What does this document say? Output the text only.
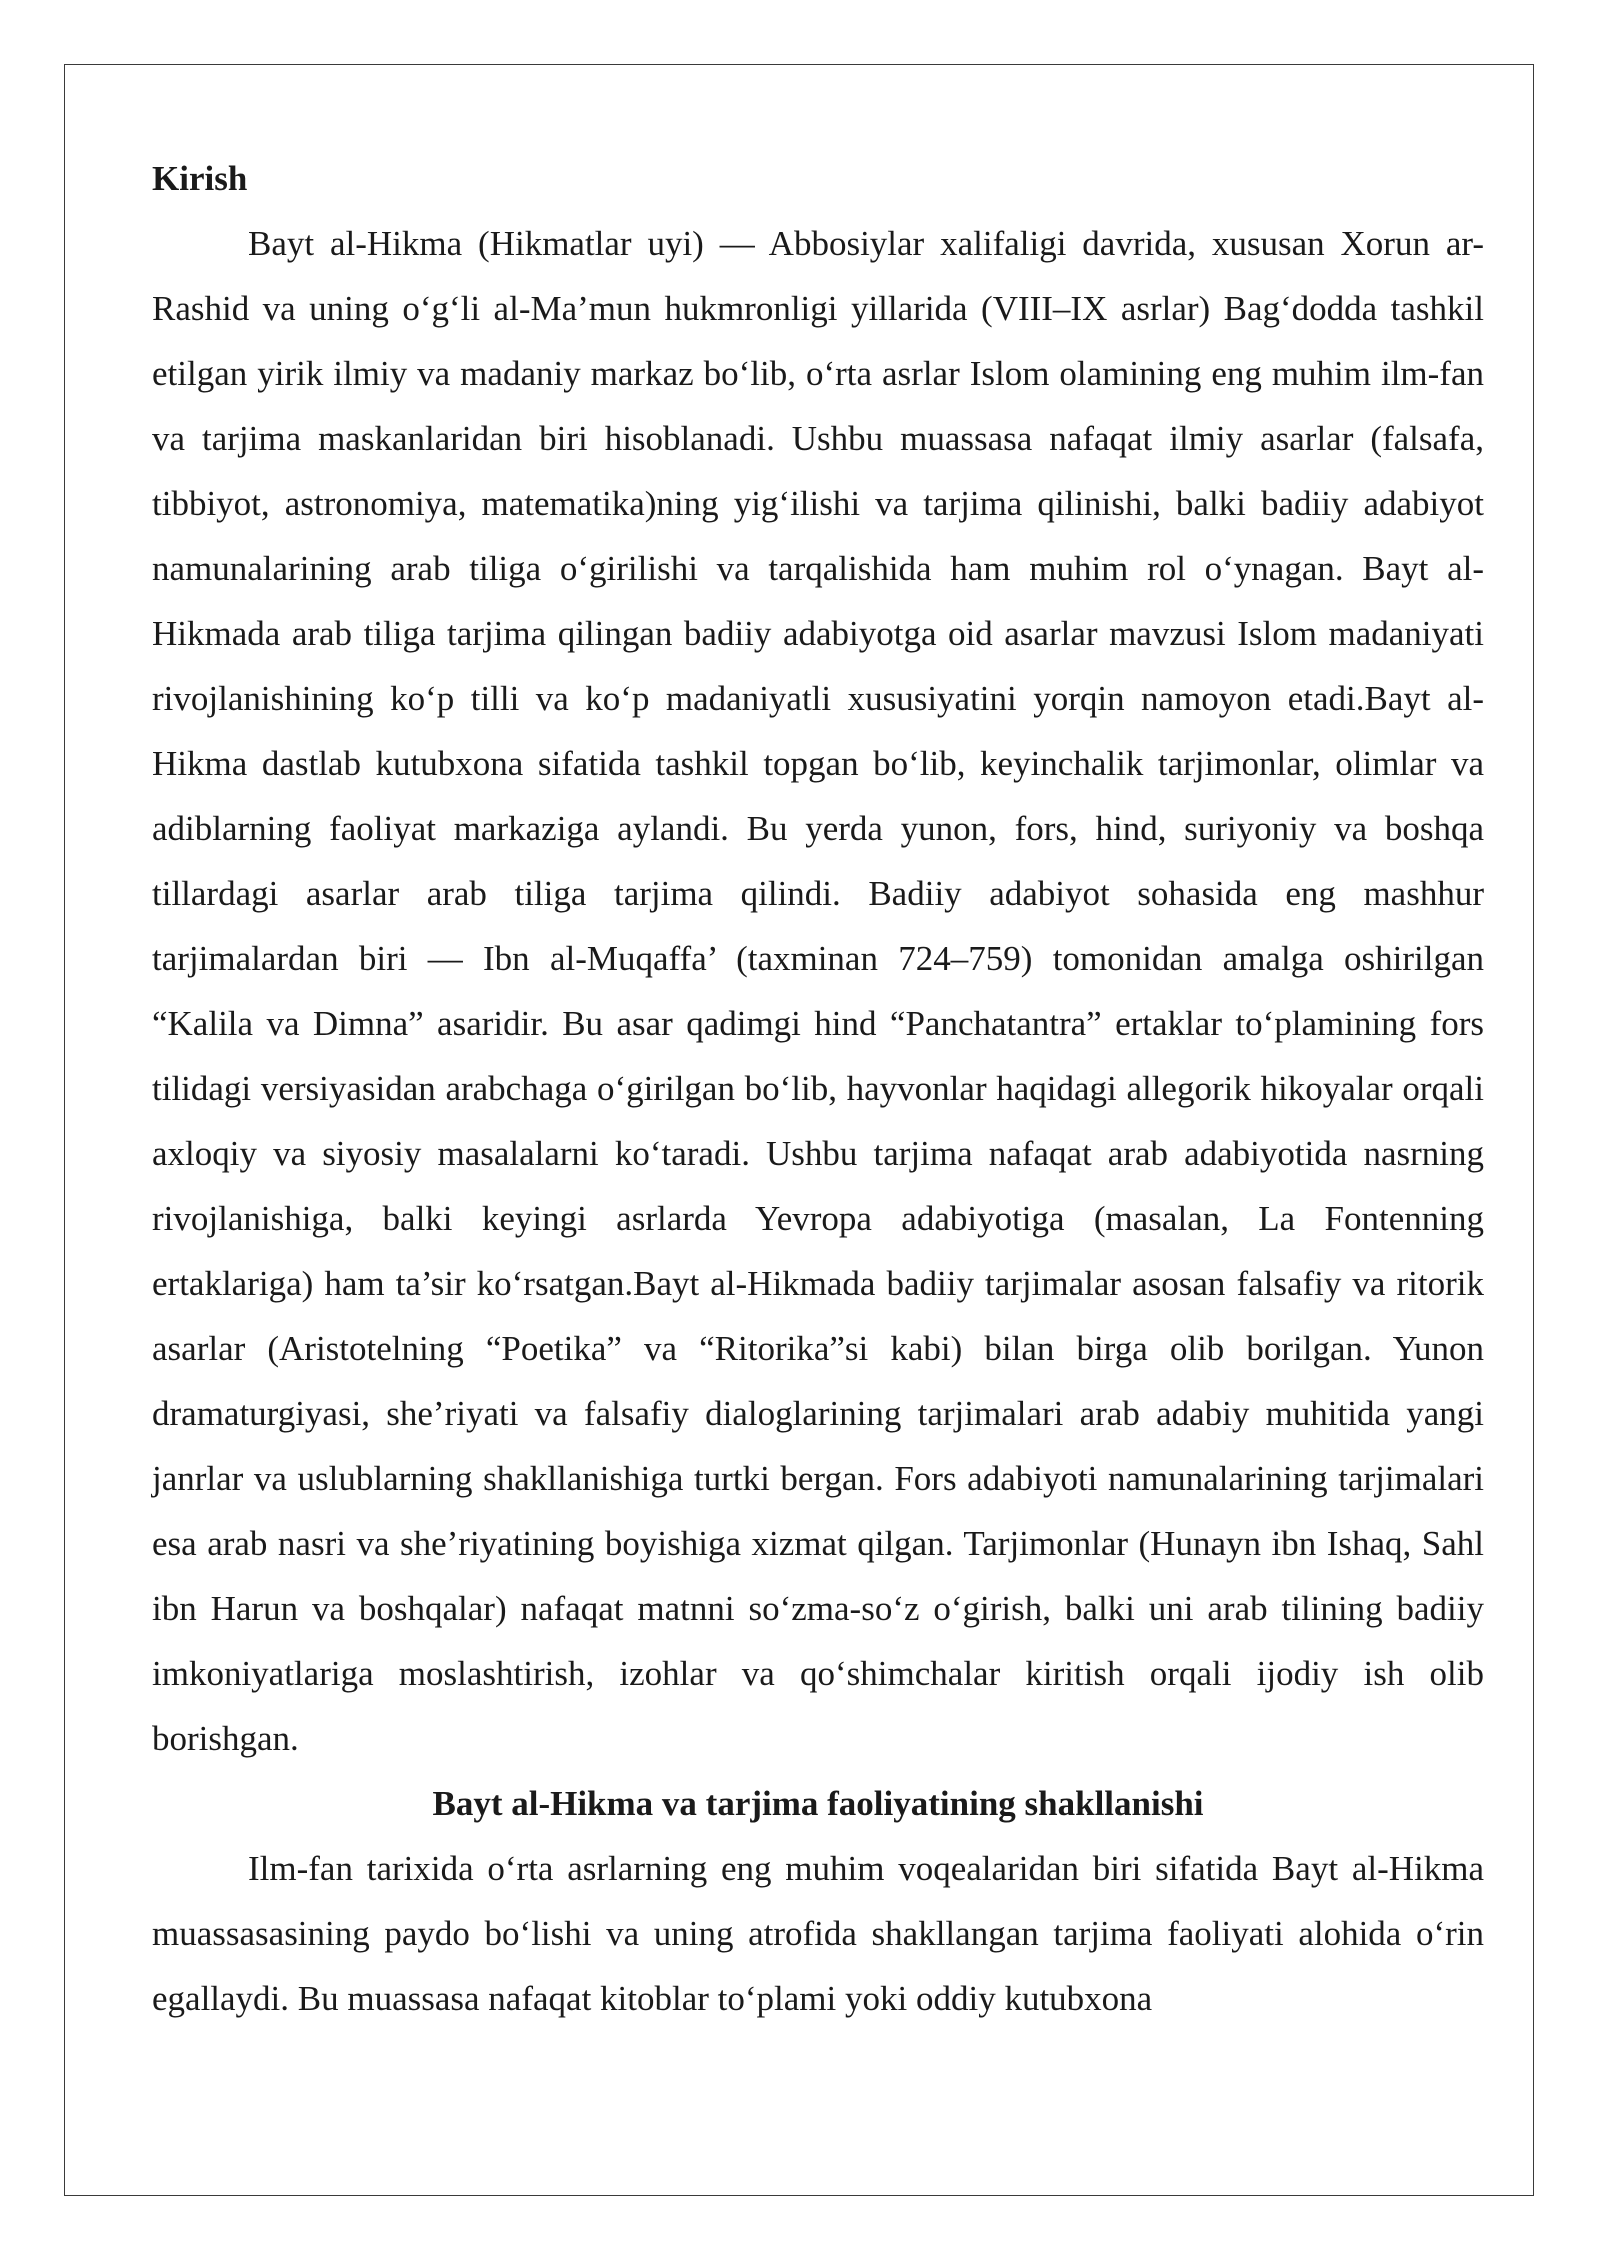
Kirish

Bayt al-Hikma (Hikmatlar uyi) — Abbosiylar xalifaligi davrida, xususan Xorun ar-Rashid va uning o‘g‘li al-Ma’mun hukmronligi yillarida (VIII–IX asrlar) Bag‘dodda tashkil etilgan yirik ilmiy va madaniy markaz bo‘lib, o‘rta asrlar Islom olamining eng muhim ilm-fan va tarjima maskanlaridan biri hisoblanadi. Ushbu muassasa nafaqat ilmiy asarlar (falsafa, tibbiyot, astronomiya, matematika)ning yig‘ilishi va tarjima qilinishi, balki badiiy adabiyot namunalarining arab tiliga o‘girilishi va tarqalishida ham muhim rol o‘ynagan. Bayt al-Hikmada arab tiliga tarjima qilingan badiiy adabiyotga oid asarlar mavzusi Islom madaniyati rivojlanishining ko‘p tilli va ko‘p madaniyatli xususiyatini yorqin namoyon etadi.Bayt al-Hikma dastlab kutubxona sifatida tashkil topgan bo‘lib, keyinchalik tarjimonlar, olimlar va adiblarning faoliyat markaziga aylandi. Bu yerda yunon, fors, hind, suriyoniy va boshqa tillardagi asarlar arab tiliga tarjima qilindi. Badiiy adabiyot sohasida eng mashhur tarjimalardan biri — Ibn al-Muqaffa’ (taxminan 724–759) tomonidan amalga oshirilgan “Kalila va Dimna” asaridir. Bu asar qadimgi hind “Panchatantra” ertaklar to‘plamining fors tilidagi versiyasidan arabchaga o‘girilgan bo‘lib, hayvonlar haqidagi allegorik hikoyalar orqali axloqiy va siyosiy masalalarni ko‘taradi. Ushbu tarjima nafaqat arab adabiyotida nasrning rivojlanishiga, balki keyingi asrlarda Yevropa adabiyotiga (masalan, La Fontenning ertaklariga) ham ta’sir ko‘rsatgan.Bayt al-Hikmada badiiy tarjimalar asosan falsafiy va ritorik asarlar (Aristotelning “Poetika” va “Ritorika”si kabi) bilan birga olib borilgan. Yunon dramaturgiyasi, she’riyati va falsafiy dialoglarining tarjimalari arab adabiy muhitida yangi janrlar va uslublarning shakllanishiga turtki bergan. Fors adabiyoti namunalarining tarjimalari esa arab nasri va she’riyatining boyishiga xizmat qilgan. Tarjimonlar (Hunayn ibn Ishaq, Sahl ibn Harun va boshqalar) nafaqat matnni so‘zma-so‘z o‘girish, balki uni arab tilining badiiy imkoniyatlariga moslashtirish, izohlar va qo‘shimchalar kiritish orqali ijodiy ish olib borishgan.

Bayt al-Hikma va tarjima faoliyatining shakllanishi

Ilm-fan tarixida o‘rta asrlarning eng muhim voqealaridan biri sifatida Bayt al-Hikma muassasasining paydo bo‘lishi va uning atrofida shakllangan tarjima faoliyati alohida o‘rin egallaydi. Bu muassasa nafaqat kitoblar to‘plami yoki oddiy kutubxona
